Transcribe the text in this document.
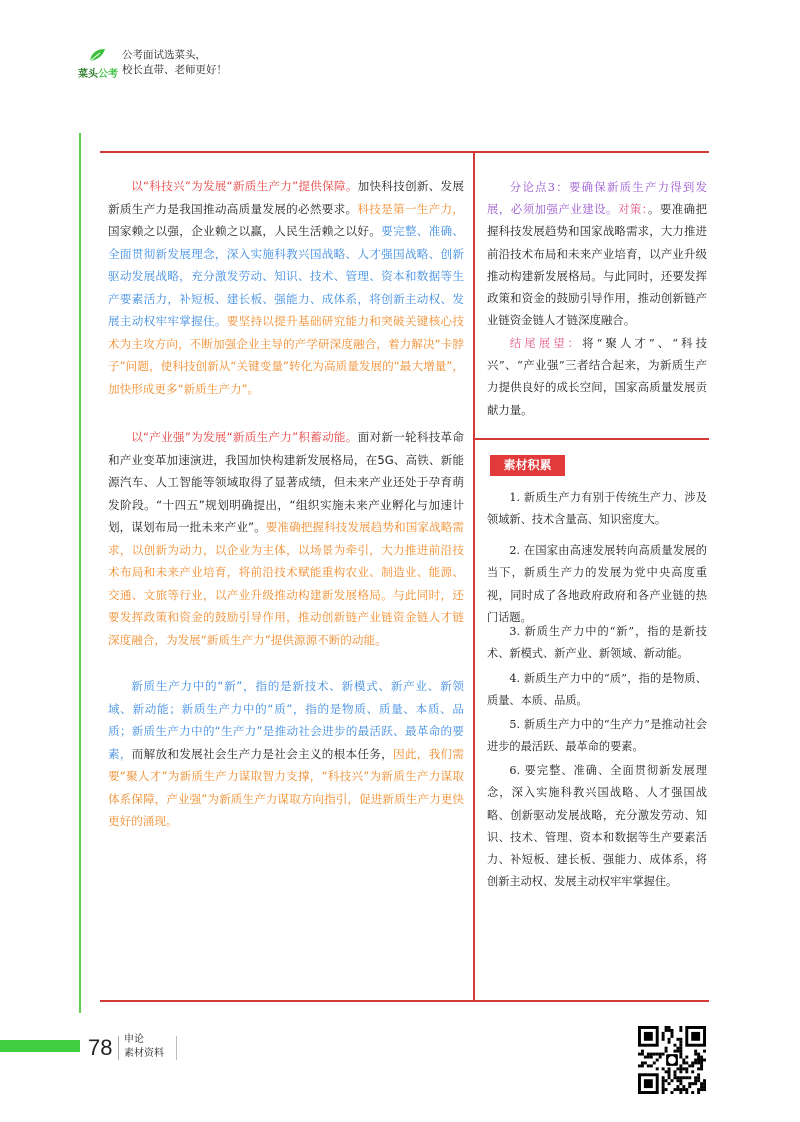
菜头公考
公考面试选菜头，
校长直带、老师更好！
以“科技兴”为发展“新质生产力”提供保障。加快科技创新、发展新质生产力是我国推动高质量发展的必然要求。科技是第一生产力，国家赖之以强，企业赖之以赢，人民生活赖之以好。要完整、准确、全面贯彻新发展理念，深入实施科教兴国战略、人才强国战略、创新驱动发展战略，充分激发劳动、知识、技术、管理、资本和数据等生产要素活力，补短板、建长板、强能力、成体系，将创新主动权、发展主动权牢牢掌握住。要坚持以提升基础研究能力和突破关键核心技术为主攻方向，不断加强企业主导的产学研深度融合，着力解决“卡脖子”问题，使科技创新从“关键变量”转化为高质量发展的“最大增量”，加快形成更多“新质生产力”。
以“产业强”为发展“新质生产力”积蓄动能。面对新一轮科技革命和产业变革加速演进，我国加快构建新发展格局，在5G、高铁、新能源汽车、人工智能等领域取得了显著成绩，但未来产业还处于孕育萌发阶段。“十四五”规划明确提出，“组织实施未来产业孵化与加速计划，谋划布局一批未来产业”。要准确把握科技发展趋势和国家战略需求，以创新为动力，以企业为主体，以场景为牵引，大力推进前沿技术布局和未来产业培育，将前沿技术赋能重构农业、制造业、能源、交通、文旅等行业，以产业升级推动构建新发展格局。与此同时，还要发挥政策和资金的鼓励引导作用，推动创新链产业链资金链人才链深度融合，为发展“新质生产力”提供源源不断的动能。
新质生产力中的“新”，指的是新技术、新模式、新产业、新领域、新动能；新质生产力中的“质”，指的是物质、质量、本质、品质；新质生产力中的“生产力”是推动社会进步的最活跃、最革命的要素，而解放和发展社会生产力是社会主义的根本任务，因此，我们需要“聚人才”为新质生产力谋取智力支撑，“科技兴”为新质生产力谋取体系保障，产业强”为新质生产力谋取方向指引，促进新质生产力更快更好的涌现。
分论点3：要确保新质生产力得到发展，必须加强产业建设。对策：。要准确把握科技发展趋势和国家战略需求，大力推进前沿技术布局和未来产业培育，以产业升级推动构建新发展格局。与此同时，还要发挥政策和资金的鼓励引导作用，推动创新链产业链资金链人才链深度融合。
结尾展望：将“聚人才”、“科技兴”、“产业强”三者结合起来，为新质生产力提供良好的成长空间，国家高质量发展贡献力量。
素材积累
1. 新质生产力有别于传统生产力、涉及领域新、技术含量高、知识密度大。
2. 在国家由高速发展转向高质量发展的当下，新质生产力的发展为党中央高度重视，同时成了各地政府政府和各产业链的热门话题。
3. 新质生产力中的“新”，指的是新技术、新模式、新产业、新领域、新动能。
4. 新质生产力中的“质”，指的是物质、质量、本质、品质。
5. 新质生产力中的“生产力”是推动社会进步的最活跃、最革命的要素。
6. 要完整、准确、全面贯彻新发展理念，深入实施科教兴国战略、人才强国战略、创新驱动发展战略，充分激发劳动、知识、技术、管理、资本和数据等生产要素活力、补短板、建长板、强能力、成体系，将创新主动权、发展主动权牢牢掌握住。
78 申论
素材资料
